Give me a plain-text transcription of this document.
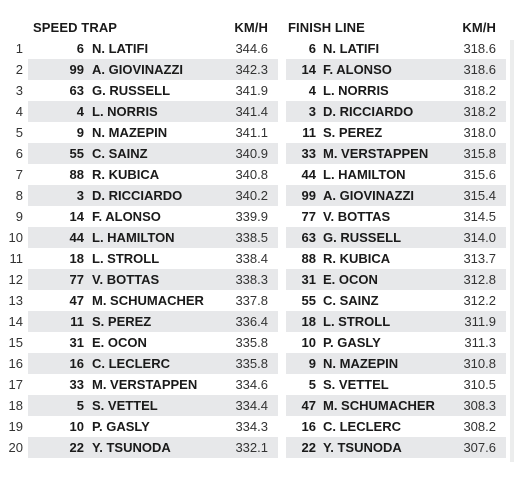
SPEED TRAP	KM/H
1	6 N. LATIFI	344.6
2	99 A. GIOVINAZZI	342.3
3	63 G. RUSSELL	341.9
4	4 L. NORRIS	341.4
5	9 N. MAZEPIN	341.1
6	55 C. SAINZ	340.9
7	88 R. KUBICA	340.8
8	3 D. RICCIARDO	340.2
9	14 F. ALONSO	339.9
10	44 L. HAMILTON	338.5
11	18 L. STROLL	338.4
12	77 V. BOTTAS	338.3
13	47 M. SCHUMACHER 337.8
14	11 S. PEREZ	336.4
15	31 E. OCON	335.8
16	16 C. LECLERC	335.8
17	33 M. VERSTAPPEN	334.6
18	5 S. VETTEL	334.4
19	10 P. GASLY	334.3
20	22 Y. TSUNODA	332.1
FINISH LINE	KM/H
6 N. LATIFI	318.6
14 F. ALONSO	318.6
4 L. NORRIS	318.2
3 D. RICCIARDO	318.2
11 S. PEREZ	318.0
33 M. VERSTAPPEN	315.8
44 L. HAMILTON	315.6
99 A. GIOVINAZZI	315.4
77 V. BOTTAS	314.5
63 G. RUSSELL	314.0
88 R. KUBICA	313.7
31 E. OCON	312.8
55 C. SAINZ	312.2
18 L. STROLL	311.9
10 P. GASLY	311.3
9 N. MAZEPIN	310.8
5 S. VETTEL	310.5
47 M. SCHUMACHER 308.3
16 C. LECLERC	308.2
22 Y. TSUNODA	307.6
